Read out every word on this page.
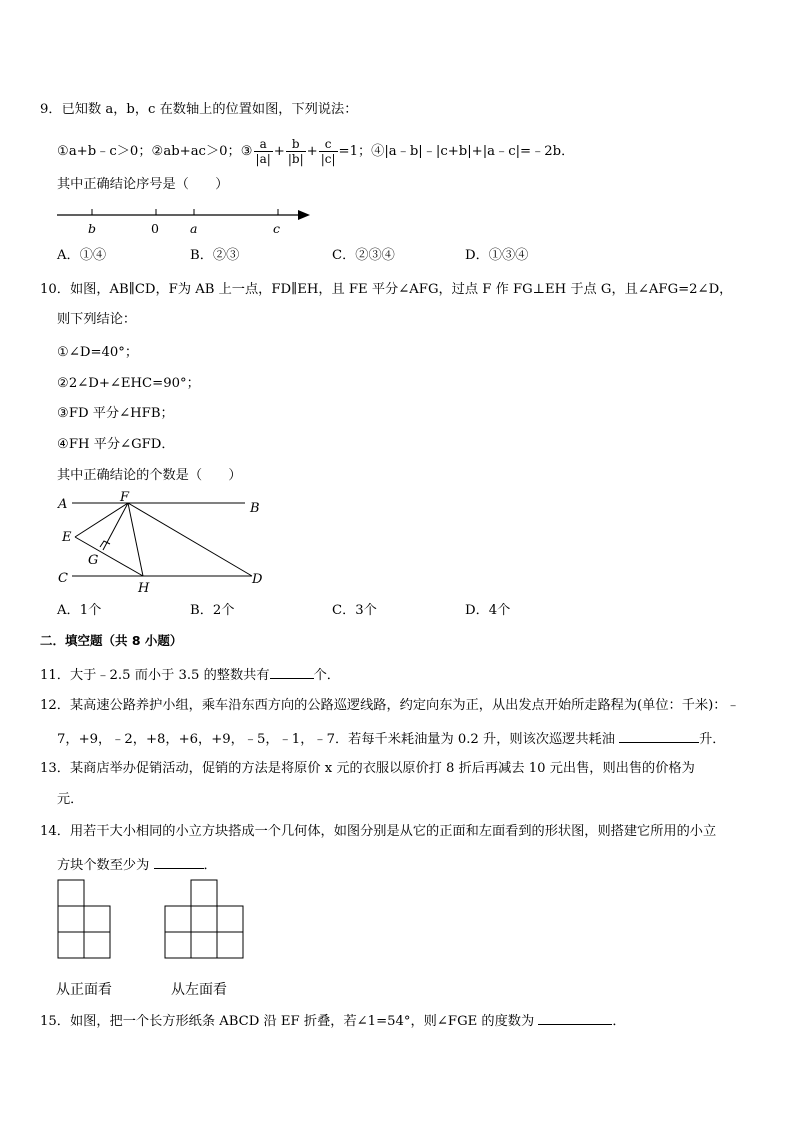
9．已知数 a，b，c 在数轴上的位置如图，下列说法：
①a+b﹣c＞0；②ab+ac＞0；③ $\frac{a}{|a|} + \frac{b}{|b|} + \frac{c}{|c|} =1$；④|a﹣b|﹣|c+b|+|a﹣c|=﹣2b．
其中正确结论序号是（　　）
b	0 a	c
A．①④	B．②③	C．②③④	D．①③④
10．如图，AB∥CD，F为 AB 上一点，FD∥EH，且 FE 平分∠AFG，过点 F 作 FG⊥EH 于点 G，且∠AFG=2∠D，
则下列结论：
①∠D=40°；
②2∠D+∠EHC=90°；
③FD 平分∠HFB；
④FH 平分∠GFD．
其中正确结论的个数是（　　）
A	B
C	D
E
F
G
H
A．1个	B．2个	C．3个	D．4个
二．填空题（共 8 小题）
11．大于﹣2.5 而小于 3.5 的整数共有	个．
12．某高速公路养护小组，乘车沿东西方向的公路巡逻线路，约定向东为正，从出发点开始所走路程为(单位：千米)：﹣
7，+9，﹣2，+8，+6，+9，﹣5，﹣1，﹣7．若每千米耗油量为 0.2 升，则该次巡逻共耗油	升．
13．某商店举办促销活动，促销的方法是将原价 x 元的衣服以原价打 8 折后再减去 10 元出售，则出售的价格为
元．
14．用若干大小相同的小立方块搭成一个几何体，如图分别是从它的正面和左面看到的形状图，则搭建它所用的小立
方块个数至少为	．
从正面看	从左面看
15．如图，把一个长方形纸条 ABCD 沿 EF 折叠，若∠1=54°，则∠FGE 的度数为	．
